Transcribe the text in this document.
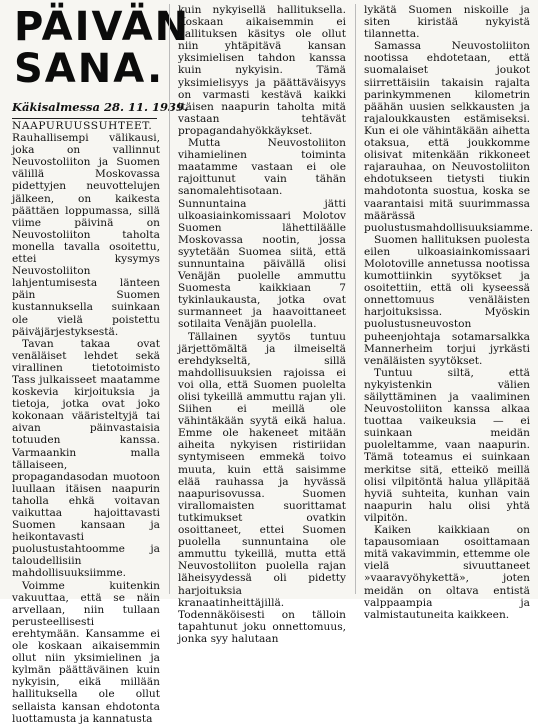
PÄIVÄN
SANA.
Käkisalmessa 28. 11. 1939.

NAAPURUUSSUHTEET.

Rauhallisempi välikausi, joka on vallinnut Neuvostoliiton ja Suomen välillä Moskovassa pidettyjen neuvottelujen jälkeen, on kaikesta päättäen loppumassa, sillä viime päivinä on Neuvostoliiton taholta monella tavalla osoitettu, ettei kysymys Neuvostoliiton lahjentumisesta länteen päin Suomen kustannuksella suinkaan ole vielä poistettu päiväjärjestyksestä.

Tavan takaa ovat venäläiset lehdet sekä virallinen tietotoimisto Tass julkaisseet maatamme koskevia kirjoituksia ja tietoja, jotka ovat joko kokonaan vääristeltyjä tai aivan päinvastaisia totuuden kanssa. Varmaankin malla tällaiseen, propagandasodan muotoon luullaan itäisen naapurin taholla ehkä voitavan vaikuttaa hajoittavasti Suomen kansaan ja heikontavasti puolustustahtoomme ja taloudellisiin mahdollisuuksiimme.

Voimme kuitenkin vakuuttaa, että se näin arvellaan, niin tullaan perusteellisesti erehtymään. Kansamme ei ole koskaan aikaisemmin ollut niin yksimielinen ja kylmän päättäväinen kuin nykyisin, eikä millään hallituksella ole ollut sellaista kansan ehdotonta luottamusta ja kannatusta

kuin nykyisellä hallituksella. Koskaan aikaisemmin ei hallituksen käsitys ole ollut niin yhtäpitävä kansan yksimielisen tahdon kanssa kuin nykyisin. Tämä yksimielisyys ja päättäväisyys on varmasti kestävä kaikki itäisen naapurin taholta mitä vastaan tehtävät propagandahyökkäykset.

Mutta Neuvostoliiton vihamielinen toiminta maatamme vastaan ei ole rajoittunut vain tähän sanomalehtisotaan. Sunnuntaina jätti ulkoasiainkomissaari Molotov Suomen lähettiläälle Moskovassa nootin, jossa syytetään Suomea siitä, että sunnuntaina päivällä olisi Venäjän puolelle ammuttu Suomesta kaikkiaan 7 tykinlaukausta, jotka ovat surmanneet ja haavoittaneet sotilaita Venäjän puolella.

Tällainen syytös tuntuu järjettömältä ja ilmeiseltä erehdykseltä, sillä mahdollisuuksien rajoissa ei voi olla, että Suomen puolelta olisi tykeillä ammuttu rajan yli. Siihen ei meillä ole vähintäkään syytä eikä halua. Emme ole hakeneet mitään aiheita nykyisen ristiriidan syntymiseen emmekä toivo muuta, kuin että saisimme elää rauhassa ja hyvässä naapurisovussa. Suomen virallomaisten suorittamat tutkimukset ovatkin osoittaneet, ettei Suomen puolella sunnuntaina ole ammuttu tykeillä, mutta että Neuvostoliiton puolella rajan läheisyydessä oli pidetty harjoituksia kranaatinheittäjillä. Todennäköisesti on tälloin tapahtunut joku onnettomuus, jonka syy halutaan

lykätä Suomen niskoille ja siten kiristää nykyistä tilannetta.

Samassa Neuvostoliiton nootissa ehdotetaan, että suomalaiset joukot siirrettäisiin takaisin rajalta parinkymmenen kilometrin päähän uusien selkkausten ja rajaloukkausten estämiseksi. Kun ei ole vähintäkään aihetta otaksua, että joukkomme olisivat mitenkään rikkoneet rajarauhaa, on Neuvostoliiton ehdotukseen tietysti tiukin mahdotonta suostua, koska se vaarantaisi mitä suurimmassa määrässä puolustusmahdollisuuksiamme.

Suomen hallituksen puolesta eilen ulkoasiainkomissaari Molotoville annetussa nootissa kumottiinkin syytökset ja osoitettiin, että oli kyseessä onnettomuus venäläisten harjoituksissa. Myöskin puolustusneuvoston puheenjohtaja sotamarsalkka Mannerheim torjui jyrkästi venäläisten syytökset.

Tuntuu siltä, että nykyistenkin välien säilyttäminen ja vaaliminen Neuvostoliiton kanssa alkaa tuottaa vaikeuksia — ei suinkaan meidän puoleltamme, vaan naapurin. Tämä toteamus ei suinkaan merkitse sitä, etteikö meillä olisi vilpitöntä halua ylläpitää hyviä suhteita, kunhan vain naapurin halu olisi yhtä vilpitön.

Kaiken kaikkiaan on tapausomiaan osoittamaan mitä vakavimmin, ettemme ole vielä sivuuttaneet »vaaravyöhykettä», joten meidän on oltava entistä valppaampia ja valmistautuneita kaikkeen.
